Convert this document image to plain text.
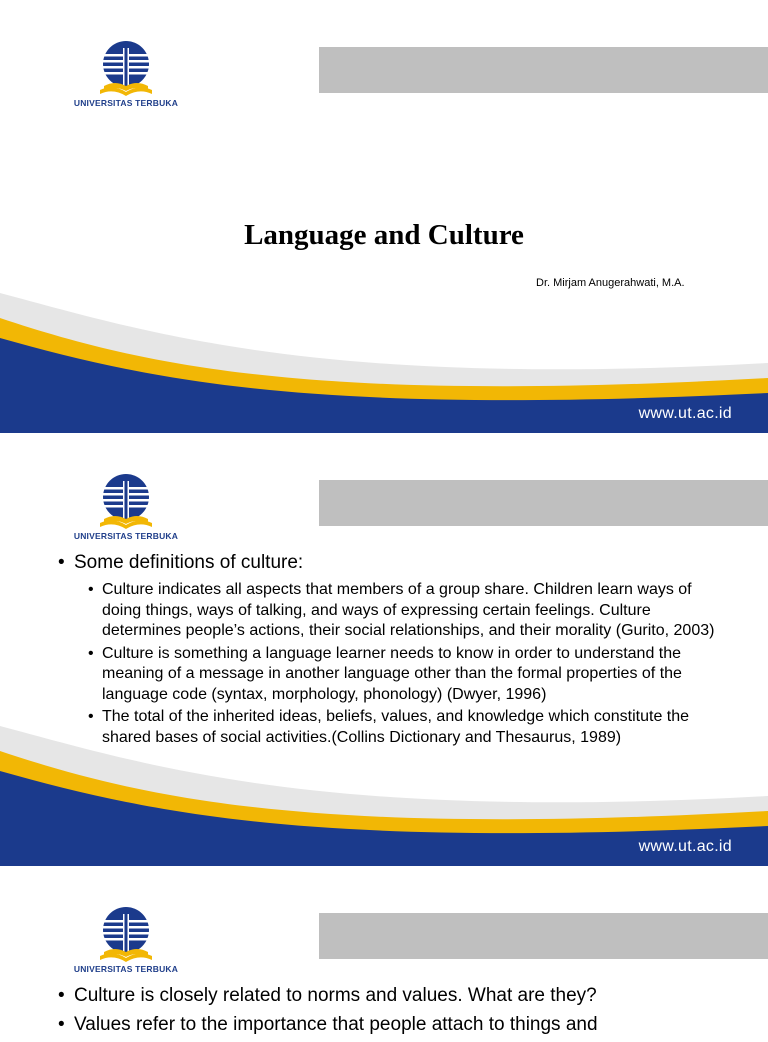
UNIVERSITAS TERBUKA
Language and Culture
Dr. Mirjam Anugerahwati, M.A.
www.ut.ac.id
UNIVERSITAS TERBUKA
www.ut.ac.id

• Some definitions of culture:

• Culture indicates all aspects that members of a group share. Children learn ways of doing things, ways of talking, and ways of expressing certain feelings. Culture determines people’s actions, their social relationships, and their morality (Gurito, 2003)
• Culture is something a language learner needs to know in order to understand the meaning of a message in another language other than the formal properties of the language code (syntax, morphology, phonology) (Dwyer, 1996)
• The total of the inherited ideas, beliefs, values, and knowledge which constitute the shared bases of social activities.(Collins Dictionary and Thesaurus, 1989)
UNIVERSITAS TERBUKA

• Culture is closely related to norms and values. What are they?

• Values refer to the importance that people attach to things and
